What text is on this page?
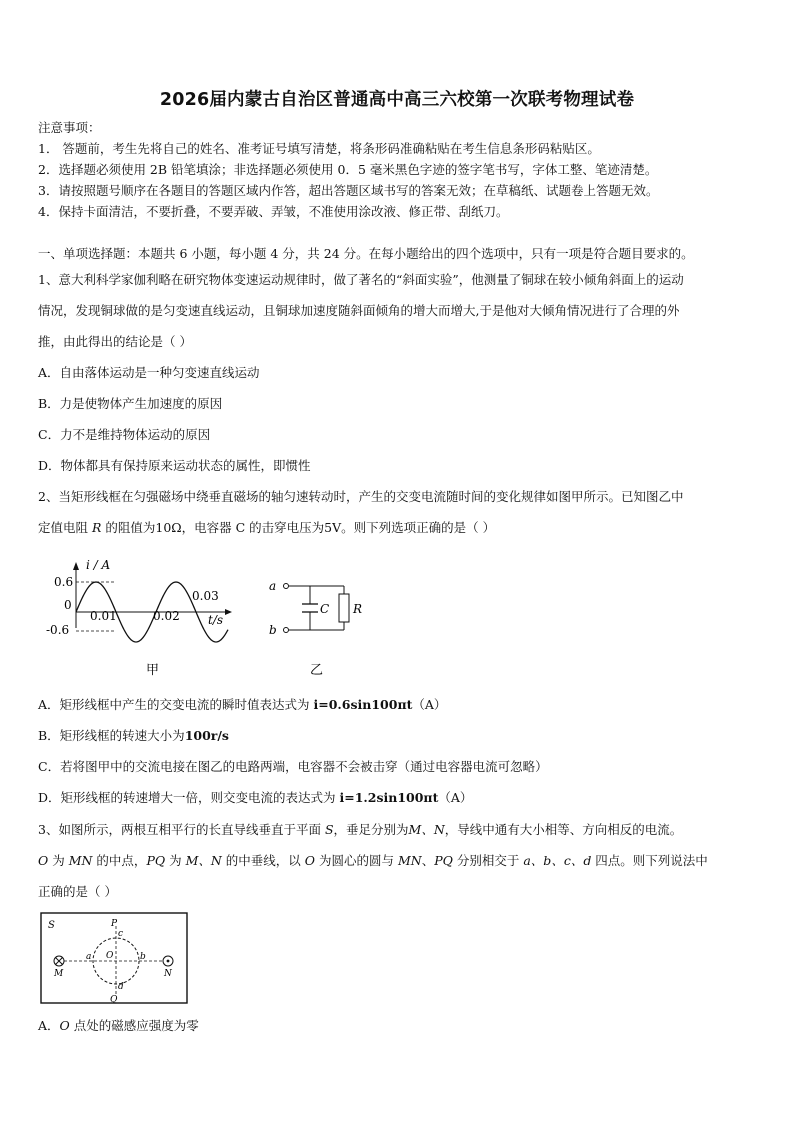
2026届内蒙古自治区普通高中高三六校第一次联考物理试卷
注意事项：
1． 答题前，考生先将自己的姓名、准考证号填写清楚，将条形码准确粘贴在考生信息条形码粘贴区。
2．选择题必须使用 2B 铅笔填涂；非选择题必须使用 0．5 毫米黑色字迹的签字笔书写，字体工整、笔迹清楚。
3．请按照题号顺序在各题目的答题区域内作答，超出答题区域书写的答案无效；在草稿纸、试题卷上答题无效。
4．保持卡面清洁，不要折叠，不要弄破、弄皱，不准使用涂改液、修正带、刮纸刀。
一、单项选择题：本题共 6 小题，每小题 4 分，共 24 分。在每小题给出的四个选项中，只有一项是符合题目要求的。
1、意大利科学家伽利略在研究物体变速运动规律时，做了著名的“斜面实验”，他测量了铜球在较小倾角斜面上的运动
情况，发现铜球做的是匀变速直线运动，且铜球加速度随斜面倾角的增大而增大,于是他对大倾角情况进行了合理的外
推，由此得出的结论是（ ）
A．自由落体运动是一种匀变速直线运动
B．力是使物体产生加速度的原因
C．力不是维持物体运动的原因
D．物体都具有保持原来运动状态的属性，即惯性
2、当矩形线框在匀强磁场中绕垂直磁场的轴匀速转动时，产生的交变电流随时间的变化规律如图甲所示。已知图乙中
定值电阻 R 的阻值为10Ω，电容器 C 的击穿电压为5V。则下列选项正确的是（ ）
i / A
0.6
0
-0.6
0.01	0.02
0.03
t/s
甲
a
b
C R
乙
A．矩形线框中产生的交变电流的瞬时值表达式为 i=0.6sin100πt（A）
B．矩形线框的转速大小为100r/s
C．若将图甲中的交流电接在图乙的电路两端，电容器不会被击穿（通过电容器电流可忽略）
D．矩形线框的转速增大一倍，则交变电流的表达式为 i=1.2sin100πt（A）
3、如图所示，两根互相平行的长直导线垂直于平面 S，垂足分别为M、N，导线中通有大小相等、方向相反的电流。
O 为 MN 的中点，PQ 为 M、N 的中垂线，以 O 为圆心的圆与 MN、PQ 分别相交于 a、b、c、d 四点。则下列说法中
正确的是（ ）
S
M	N
P
Q
O
a	b
c
d
A．O 点处的磁感应强度为零
